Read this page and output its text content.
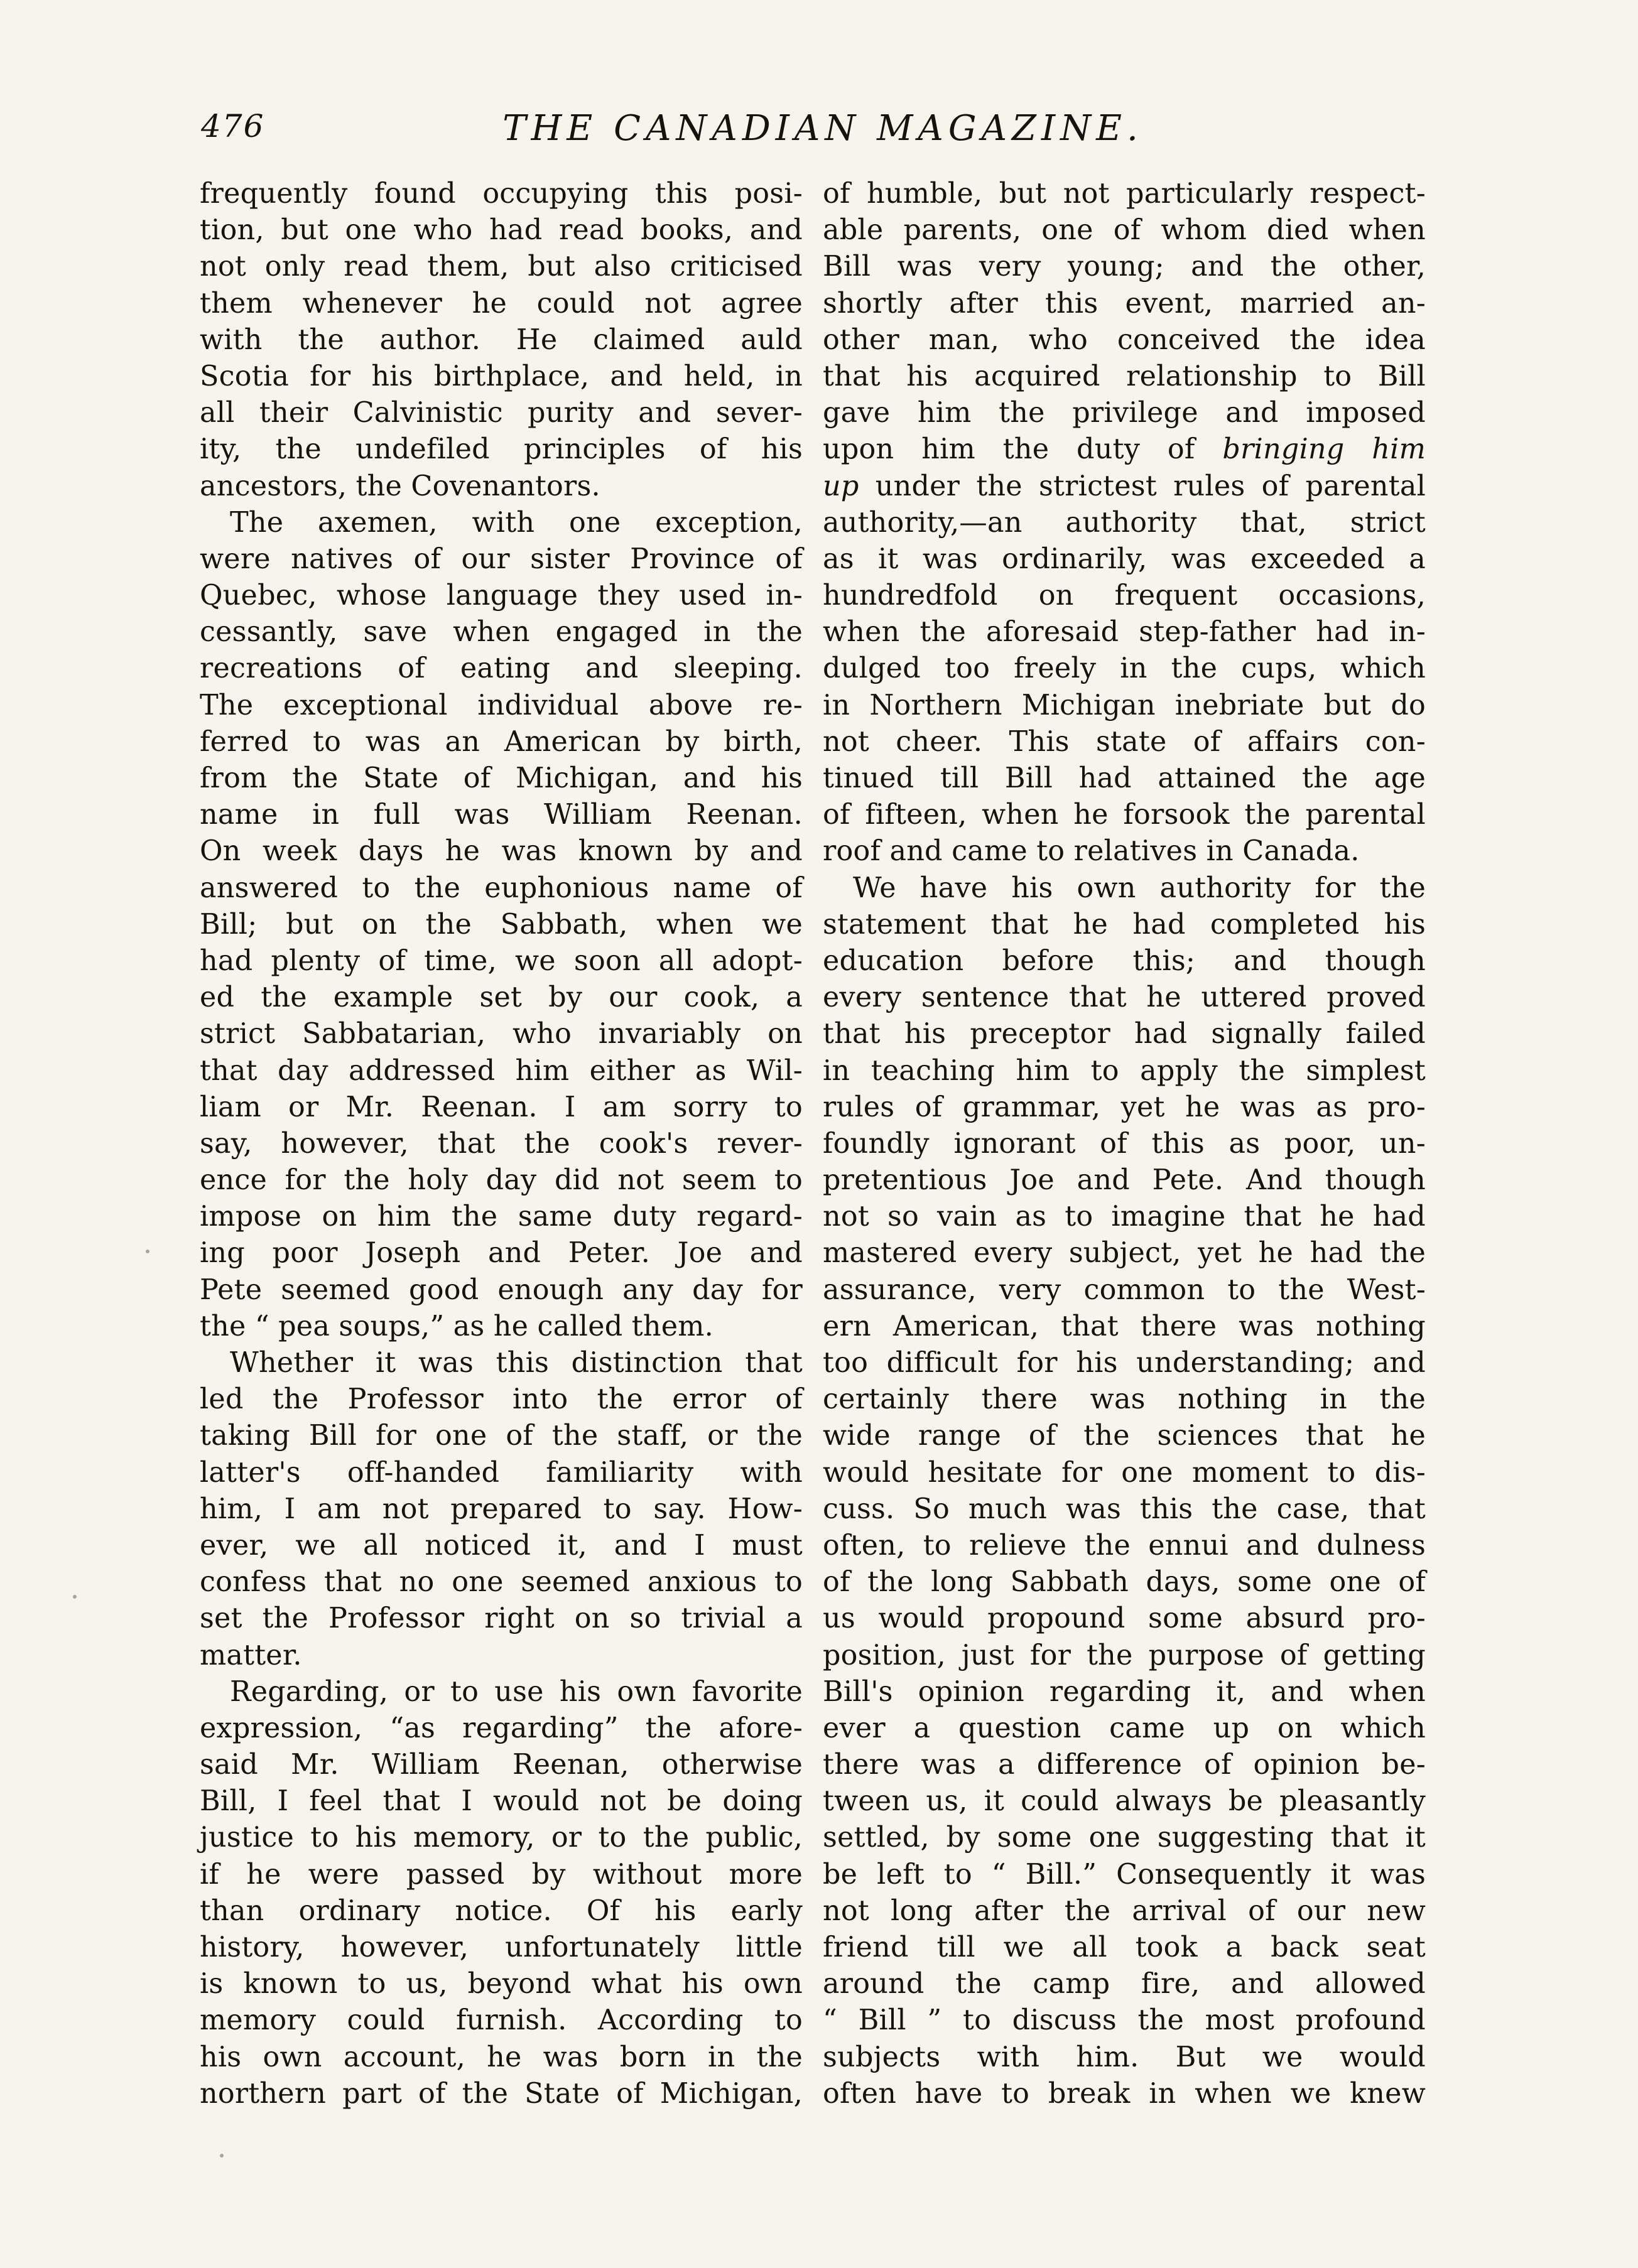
476	THE CANADIAN MAGAZINE.
frequently found occupying this posi-
tion, but one who had read books, and
not only read them, but also criticised
them whenever he could not agree
with the author. He claimed auld
Scotia for his birthplace, and held, in
all their Calvinistic purity and sever-
ity, the undefiled principles of his
ancestors, the Covenantors.
The axemen, with one exception,
were natives of our sister Province of
Quebec, whose language they used in-
cessantly, save when engaged in the
recreations of eating and sleeping.
The exceptional individual above re-
ferred to was an American by birth,
from the State of Michigan, and his
name in full was William Reenan.
On week days he was known by and
answered to the euphonious name of
Bill; but on the Sabbath, when we
had plenty of time, we soon all adopt-
ed the example set by our cook, a
strict Sabbatarian, who invariably on
that day addressed him either as Wil-
liam or Mr. Reenan. I am sorry to
say, however, that the cook's rever-
ence for the holy day did not seem to
impose on him the same duty regard-
ing poor Joseph and Peter. Joe and
Pete seemed good enough any day for
the “ pea soups,” as he called them.
Whether it was this distinction that
led the Professor into the error of
taking Bill for one of the staff, or the
latter's off-handed familiarity with
him, I am not prepared to say. How-
ever, we all noticed it, and I must
confess that no one seemed anxious to
set the Professor right on so trivial a
matter.
Regarding, or to use his own favorite
expression, “as regarding” the afore-
said Mr. William Reenan, otherwise
Bill, I feel that I would not be doing
justice to his memory, or to the public,
if he were passed by without more
than ordinary notice. Of his early
history, however, unfortunately little
is known to us, beyond what his own
memory could furnish. According to
his own account, he was born in the
northern part of the State of Michigan,
of humble, but not particularly respect-
able parents, one of whom died when
Bill was very young; and the other,
shortly after this event, married an-
other man, who conceived the idea
that his acquired relationship to Bill
gave him the privilege and imposed
upon him the duty of bringing him
up under the strictest rules of parental
authority,—an authority that, strict
as it was ordinarily, was exceeded a
hundredfold on frequent occasions,
when the aforesaid step-father had in-
dulged too freely in the cups, which
in Northern Michigan inebriate but do
not cheer. This state of affairs con-
tinued till Bill had attained the age
of fifteen, when he forsook the parental
roof and came to relatives in Canada.
We have his own authority for the
statement that he had completed his
education before this; and though
every sentence that he uttered proved
that his preceptor had signally failed
in teaching him to apply the simplest
rules of grammar, yet he was as pro-
foundly ignorant of this as poor, un-
pretentious Joe and Pete. And though
not so vain as to imagine that he had
mastered every subject, yet he had the
assurance, very common to the West-
ern American, that there was nothing
too difficult for his understanding; and
certainly there was nothing in the
wide range of the sciences that he
would hesitate for one moment to dis-
cuss. So much was this the case, that
often, to relieve the ennui and dulness
of the long Sabbath days, some one of
us would propound some absurd pro-
position, just for the purpose of getting
Bill's opinion regarding it, and when
ever a question came up on which
there was a difference of opinion be-
tween us, it could always be pleasantly
settled, by some one suggesting that it
be left to “ Bill.” Consequently it was
not long after the arrival of our new
friend till we all took a back seat
around the camp fire, and allowed
“ Bill ” to discuss the most profound
subjects with him. But we would
often have to break in when we knew
